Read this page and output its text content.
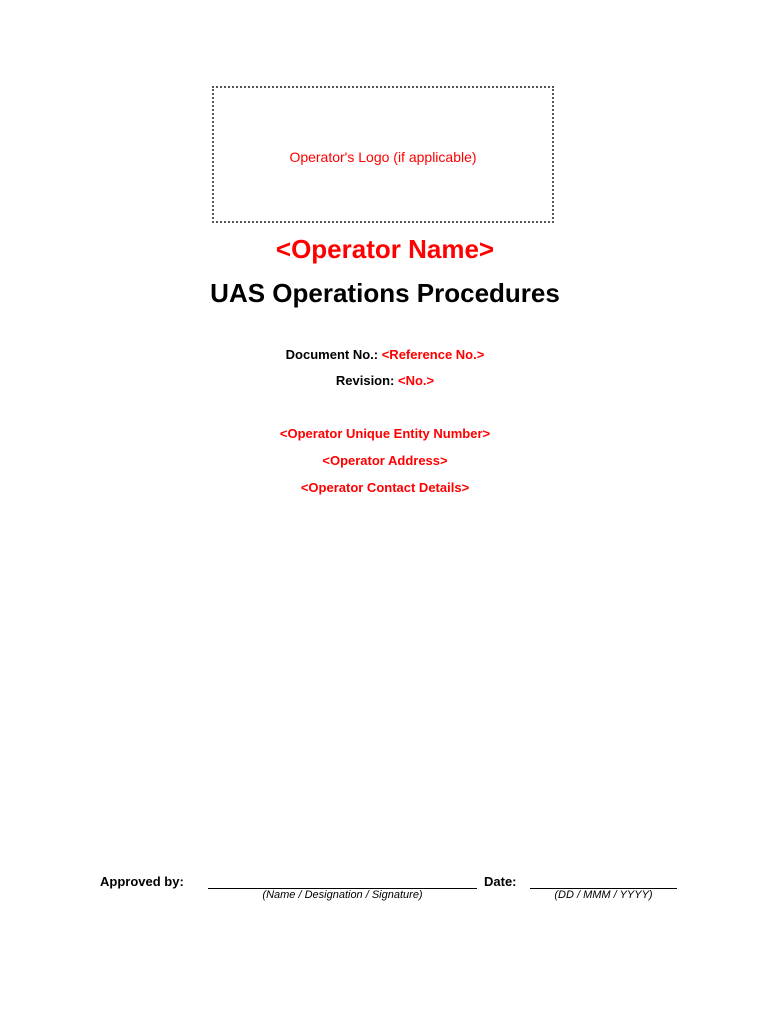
Operator's Logo (if applicable)
<Operator Name>
UAS Operations Procedures
Document No.: <Reference No.>
Revision: <No.>
<Operator Unique Entity Number>
<Operator Address>
<Operator Contact Details>
Approved by:
(Name / Designation / Signature)
Date:
(DD / MMM / YYYY)
